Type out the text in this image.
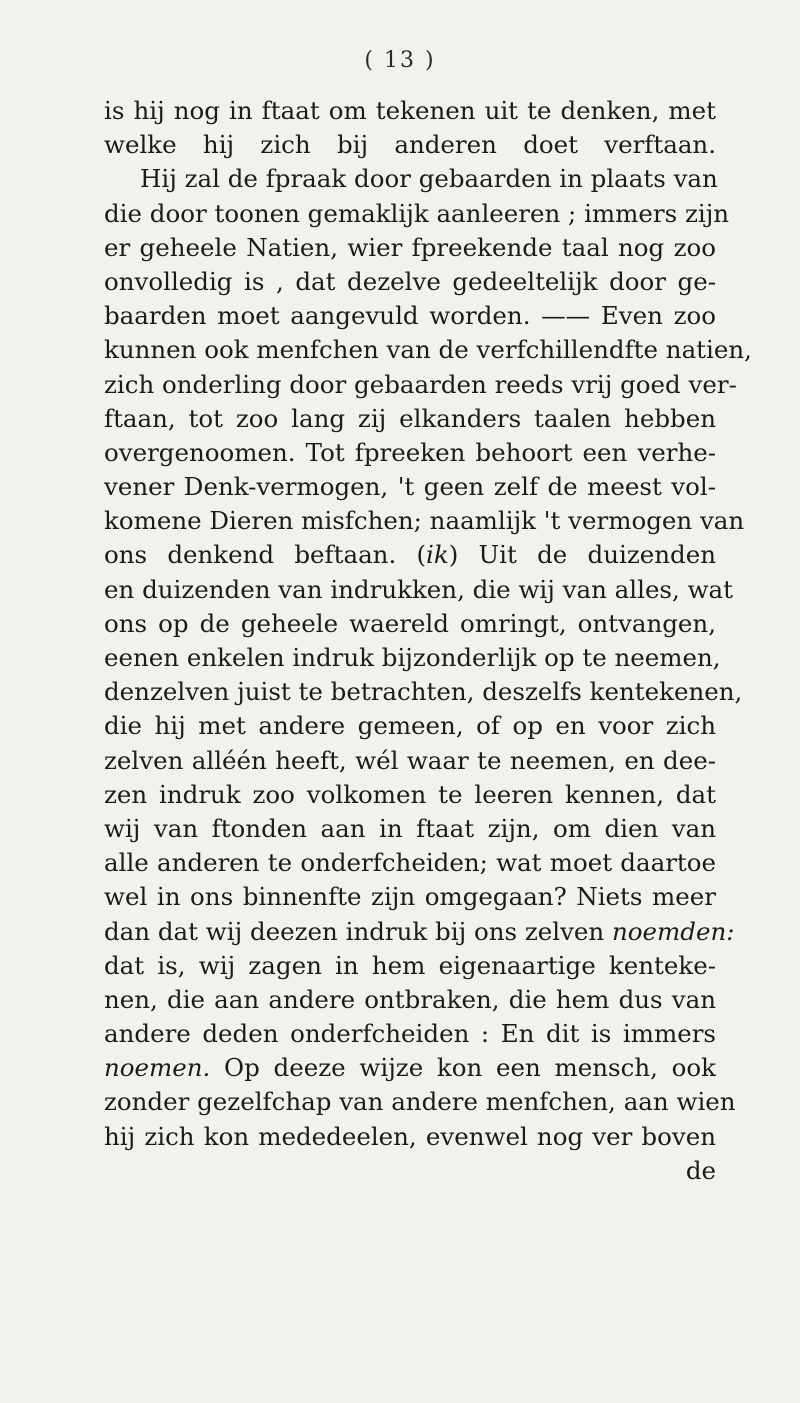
( 13 )
is hij nog in ftaat om tekenen uit te denken, met
welke hij zich bij anderen doet verftaan.
Hij zal de fpraak door gebaarden in plaats van
die door toonen gemaklijk aanleeren ; immers zijn
er geheele Natien, wier fpreekende taal nog zoo
onvolledig is , dat dezelve gedeeltelijk door ge-
baarden moet aangevuld worden. —— Even zoo
kunnen ook menfchen van de verfchillendfte natien,
zich onderling door gebaarden reeds vrij goed ver-
ftaan, tot zoo lang zij elkanders taalen hebben
overgenoomen. Tot fpreeken behoort een verhe-
vener Denk-vermogen, 't geen zelf de meest vol-
komene Dieren misfchen; naamlijk 't vermogen van
ons denkend beftaan. (ik) Uit de duizenden
en duizenden van indrukken, die wij van alles, wat
ons op de geheele waereld omringt, ontvangen,
eenen enkelen indruk bijzonderlijk op te neemen,
denzelven juist te betrachten, deszelfs kentekenen,
die hij met andere gemeen, of op en voor zich
zelven alléén heeft, wél waar te neemen, en dee-
zen indruk zoo volkomen te leeren kennen, dat
wij van ftonden aan in ftaat zijn, om dien van
alle anderen te onderfcheiden; wat moet daartoe
wel in ons binnenfte zijn omgegaan? Niets meer
dan dat wij deezen indruk bij ons zelven noemden:
dat is, wij zagen in hem eigenaartige kenteke-
nen, die aan andere ontbraken, die hem dus van
andere deden onderfcheiden : En dit is immers
noemen. Op deeze wijze kon een mensch, ook
zonder gezelfchap van andere menfchen, aan wien
hij zich kon mededeelen, evenwel nog ver boven
de
